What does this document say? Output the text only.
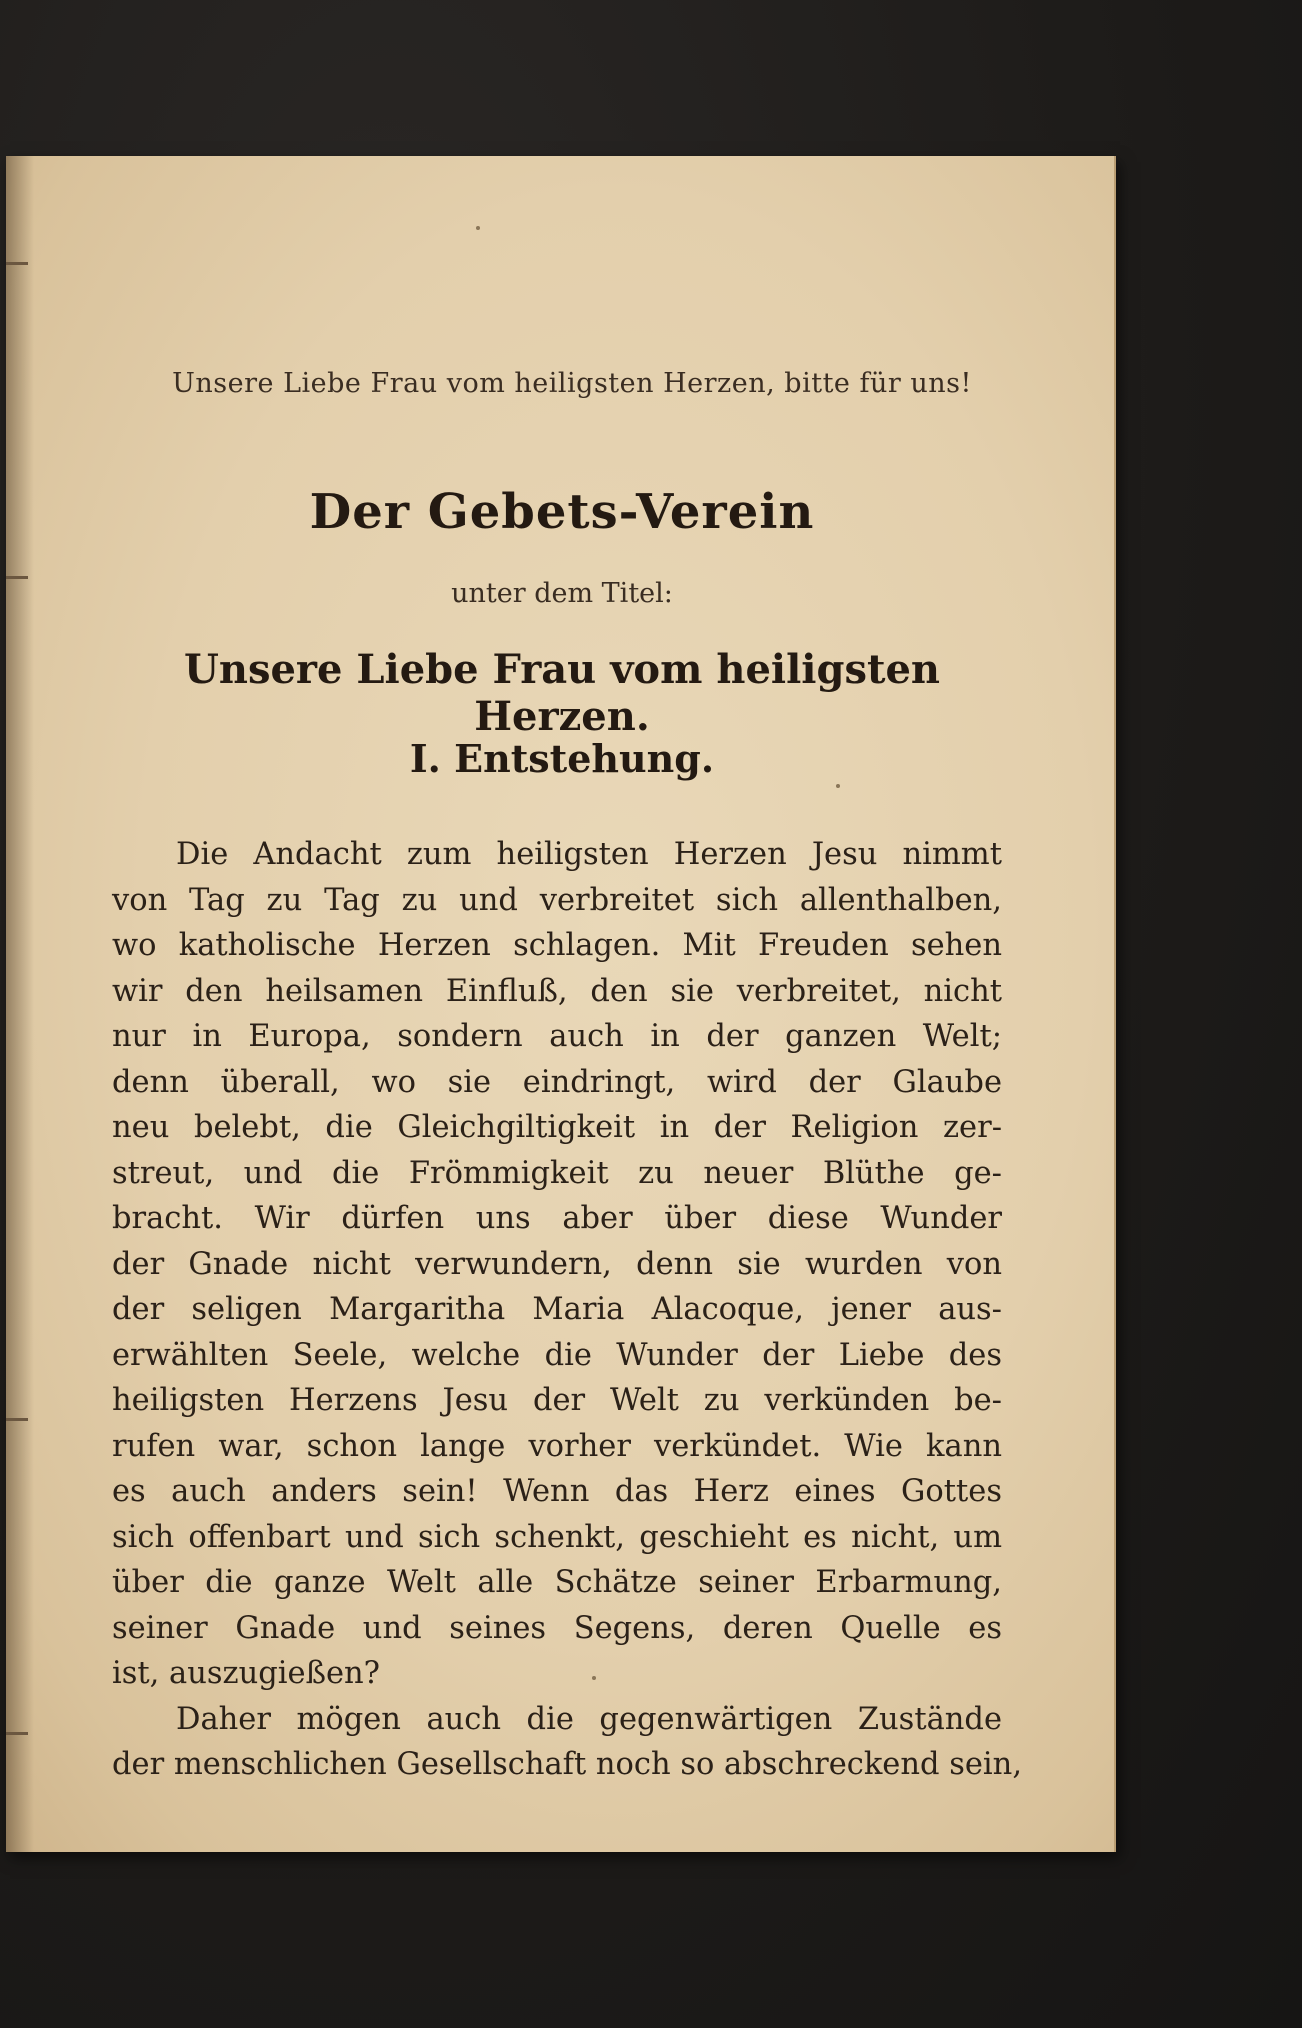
Unsere Liebe Frau vom heiligsten Herzen, bitte für uns!
Der Gebets-Verein
unter dem Titel:
Unsere Liebe Frau vom heiligsten Herzen.
I. Entstehung.
Die Andacht zum heiligsten Herzen Jesu nimmt
von Tag zu Tag zu und verbreitet sich allenthalben,
wo katholische Herzen schlagen. Mit Freuden sehen
wir den heilsamen Einfluß, den sie verbreitet, nicht
nur in Europa, sondern auch in der ganzen Welt;
denn überall, wo sie eindringt, wird der Glaube
neu belebt, die Gleichgiltigkeit in der Religion zer-
streut, und die Frömmigkeit zu neuer Blüthe ge-
bracht. Wir dürfen uns aber über diese Wunder
der Gnade nicht verwundern, denn sie wurden von
der seligen Margaritha Maria Alacoque, jener aus-
erwählten Seele, welche die Wunder der Liebe des
heiligsten Herzens Jesu der Welt zu verkünden be-
rufen war, schon lange vorher verkündet. Wie kann
es auch anders sein! Wenn das Herz eines Gottes
sich offenbart und sich schenkt, geschieht es nicht, um
über die ganze Welt alle Schätze seiner Erbarmung,
seiner Gnade und seines Segens, deren Quelle es
ist, auszugießen?
Daher mögen auch die gegenwärtigen Zustände
der menschlichen Gesellschaft noch so abschreckend sein,
